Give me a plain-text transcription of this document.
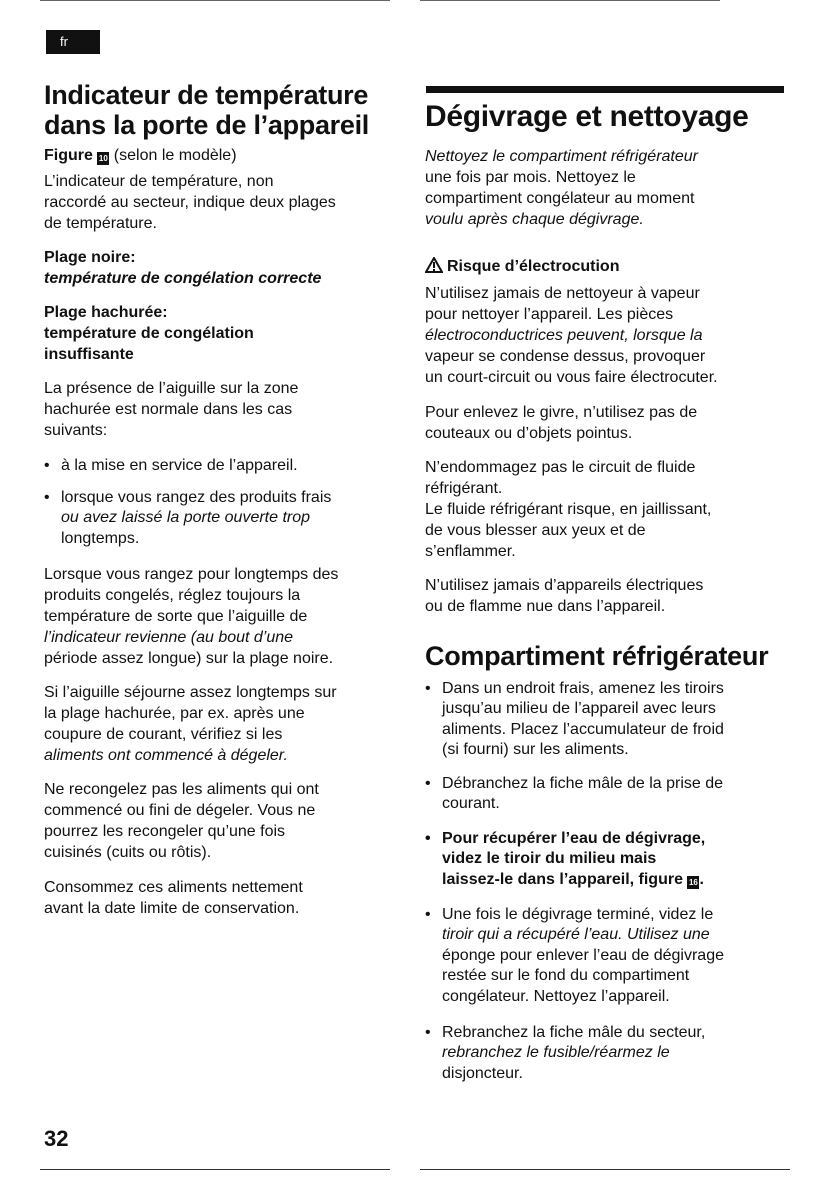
fr
Indicateur de température
dans la porte de l’appareil
Figure 10 (selon le modèle)
L’indicateur de température, non
raccordé au secteur, indique deux plages
de température.
Plage noire:
température de congélation correcte
Plage hachurée:
température de congélation
insuffisante
La présence de l’aiguille sur la zone
hachurée est normale dans les cas
suivants:
• à la mise en service de l’appareil.
• lorsque vous rangez des produits frais
ou avez laissé la porte ouverte trop
longtemps.
Lorsque vous rangez pour longtemps des
produits congelés, réglez toujours la
température de sorte que l’aiguille de
l’indicateur revienne (au bout d’une
période assez longue) sur la plage noire.
Si l’aiguille séjourne assez longtemps sur
la plage hachurée, par ex. après une
coupure de courant, vérifiez si les
aliments ont commencé à dégeler.
Ne recongelez pas les aliments qui ont
commencé ou fini de dégeler. Vous ne
pourrez les recongeler qu’une fois
cuisinés (cuits ou rôtis).
Consommez ces aliments nettement
avant la date limite de conservation.
Dégivrage et nettoyage
Nettoyez le compartiment réfrigérateur
une fois par mois. Nettoyez le
compartiment congélateur au moment
voulu après chaque dégivrage.
Risque d’électrocution
N’utilisez jamais de nettoyeur à vapeur
pour nettoyer l’appareil. Les pièces
électroconductrices peuvent, lorsque la
vapeur se condense dessus, provoquer
un court-circuit ou vous faire électrocuter.
Pour enlevez le givre, n’utilisez pas de
couteaux ou d’objets pointus.
N’endommagez pas le circuit de fluide
réfrigérant.
Le fluide réfrigérant risque, en jaillissant,
de vous blesser aux yeux et de
s’enflammer.
N’utilisez jamais d’appareils électriques
ou de flamme nue dans l’appareil.
Compartiment réfrigérateur
• Dans un endroit frais, amenez les tiroirs
jusqu’au milieu de l’appareil avec leurs
aliments. Placez l’accumulateur de froid
(si fourni) sur les aliments.
• Débranchez la fiche mâle de la prise de
courant.
• Pour récupérer l’eau de dégivrage,
videz le tiroir du milieu mais
laissez-le dans l’appareil, figure 16.
• Une fois le dégivrage terminé, videz le
tiroir qui a récupéré l’eau. Utilisez une
éponge pour enlever l’eau de dégivrage
restée sur le fond du compartiment
congélateur. Nettoyez l’appareil.
• Rebranchez la fiche mâle du secteur,
rebranchez le fusible/réarmez le
disjoncteur.
32
